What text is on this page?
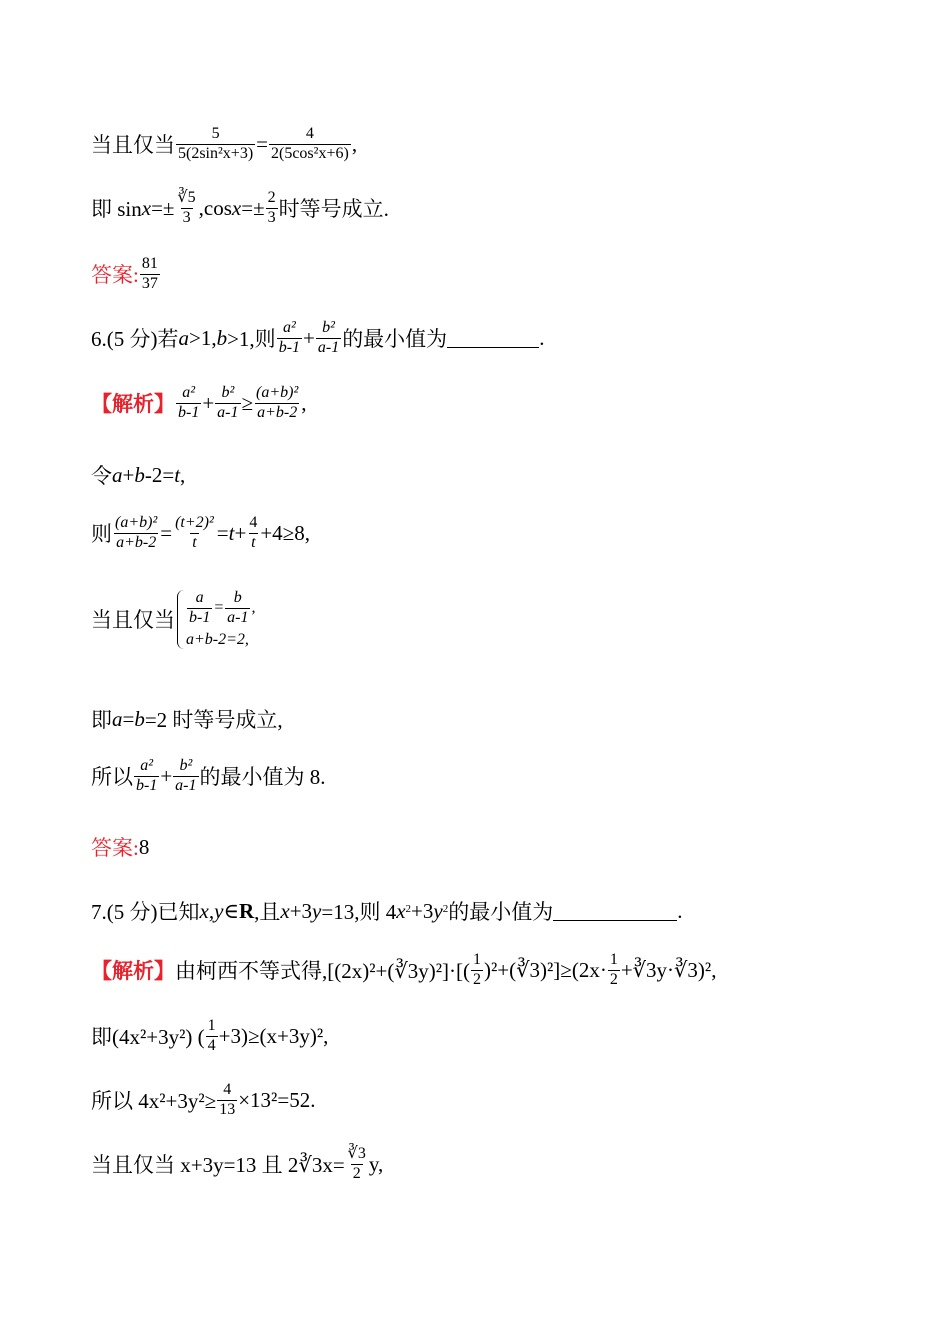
当且仅当 $\frac{5}{\text{5(2sin²x+3)}} = \frac{4}{\text{2(5cos²x+6)}}$ ,
即 $\sin x =\pm \frac{∛5}{3} ,\cos$ $x =\pm \frac{2}{3}$ 时等号成立.
答案: $\frac{81}{37}$
6.(5 分)若 a >1, b >1,则 $\frac{\text{a²}}{b-1} + \frac{\text{b²}}{a-1}$ 的最小值为	.
【解析】 $\frac{\text{a²}}{b-1} + \frac{\text{b²}}{a-1} \ge \frac{\text{(a+b)²}}{a+b-2}$ ,
令 a + b -2= t ,
则 $\frac{\text{(a+b)²}}{a+b-2} = \frac{\text{(t+2)²}}{t} = t + \frac{4}{t} +4\ge 8$,
当且仅当 $\frac{a}{b-1} = \frac{b}{a-1}$ ,
a+b-2=2,
即 a = b =2 时等号成立,
所以 $\frac{\text{a²}}{b-1} + \frac{\text{b²}}{a-1}$ 的最小值为 8.
答案: 8
7.(5 分)已知 x,y ∈ R ,且 x +3 y =13,则 4 x 2 +3 y 2 的最小值为	.
【解析】 由柯西不等式得,[(2x)²+(∛3y)²]·[( $\frac{1}{2}$ )²+(∛3)²]≥(2x· $\frac{1}{2}$ +∛3y·∛3)²,
即(4x²+3y²) ( $\frac{1}{4} +3)\ge(x+3y)^2$,
所以 $4x^2+3y^2\ge \frac{4}{13} \times 13^2=52$.
当且仅当 x+3y=13 且 2∛3x= $\frac{∛3}{2} y$,
